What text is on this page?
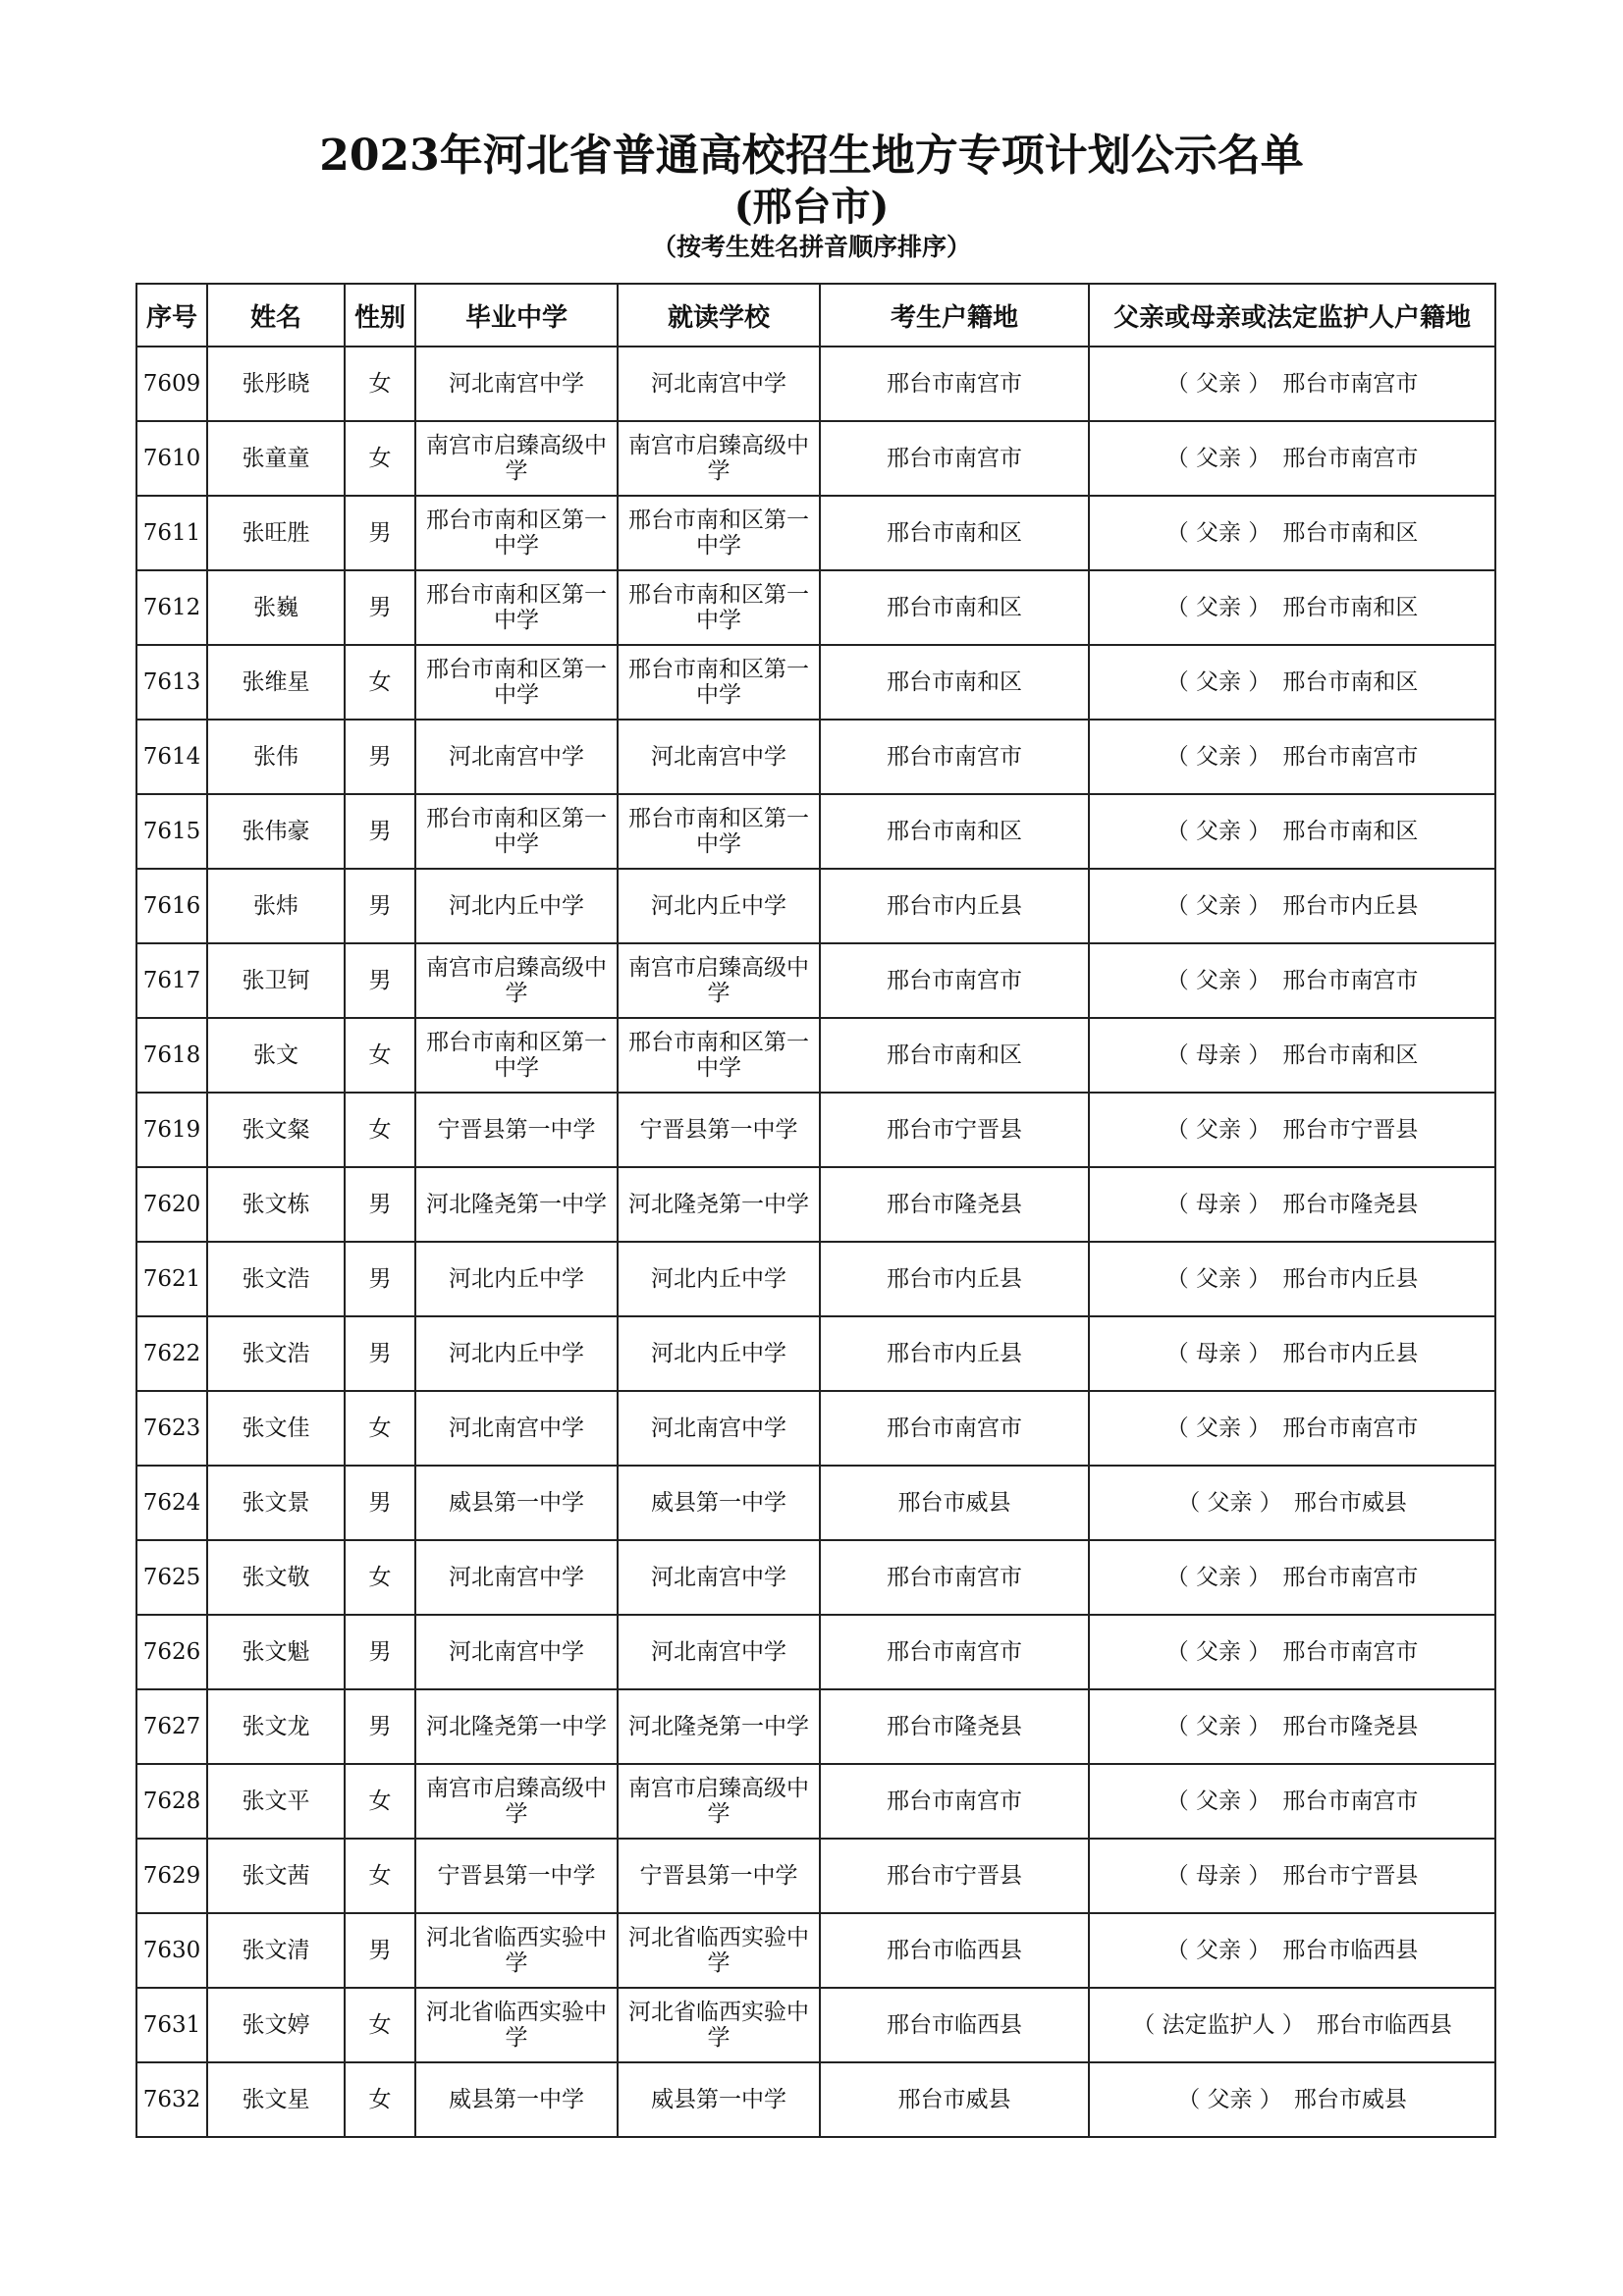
2023年河北省普通高校招生地方专项计划公示名单
(邢台市)
（按考生姓名拼音顺序排序）
序号	姓名	性别	毕业中学	就读学校	考生户籍地	父亲或母亲或法定监护人户籍地
7609	张彤晓	女	河北南宫中学	河北南宫中学	邢台市南宫市	（ 父亲 ） 邢台市南宫市
7610	张童童	女	南宫市启臻高级中学	南宫市启臻高级中学	邢台市南宫市	（ 父亲 ） 邢台市南宫市
7611	张旺胜	男	邢台市南和区第一中学	邢台市南和区第一中学	邢台市南和区	（ 父亲 ） 邢台市南和区
7612	张巍	男	邢台市南和区第一中学	邢台市南和区第一中学	邢台市南和区	（ 父亲 ） 邢台市南和区
7613	张维星	女	邢台市南和区第一中学	邢台市南和区第一中学	邢台市南和区	（ 父亲 ） 邢台市南和区
7614	张伟	男	河北南宫中学	河北南宫中学	邢台市南宫市	（ 父亲 ） 邢台市南宫市
7615	张伟豪	男	邢台市南和区第一中学	邢台市南和区第一中学	邢台市南和区	（ 父亲 ） 邢台市南和区
7616	张炜	男	河北内丘中学	河北内丘中学	邢台市内丘县	（ 父亲 ） 邢台市内丘县
7617	张卫钶	男	南宫市启臻高级中学	南宫市启臻高级中学	邢台市南宫市	（ 父亲 ） 邢台市南宫市
7618	张文	女	邢台市南和区第一中学	邢台市南和区第一中学	邢台市南和区	（ 母亲 ） 邢台市南和区
7619	张文粲	女	宁晋县第一中学	宁晋县第一中学	邢台市宁晋县	（ 父亲 ） 邢台市宁晋县
7620	张文栋	男	河北隆尧第一中学	河北隆尧第一中学	邢台市隆尧县	（ 母亲 ） 邢台市隆尧县
7621	张文浩	男	河北内丘中学	河北内丘中学	邢台市内丘县	（ 父亲 ） 邢台市内丘县
7622	张文浩	男	河北内丘中学	河北内丘中学	邢台市内丘县	（ 母亲 ） 邢台市内丘县
7623	张文佳	女	河北南宫中学	河北南宫中学	邢台市南宫市	（ 父亲 ） 邢台市南宫市
7624	张文景	男	威县第一中学	威县第一中学	邢台市威县	（ 父亲 ） 邢台市威县
7625	张文敬	女	河北南宫中学	河北南宫中学	邢台市南宫市	（ 父亲 ） 邢台市南宫市
7626	张文魁	男	河北南宫中学	河北南宫中学	邢台市南宫市	（ 父亲 ） 邢台市南宫市
7627	张文龙	男	河北隆尧第一中学	河北隆尧第一中学	邢台市隆尧县	（ 父亲 ） 邢台市隆尧县
7628	张文平	女	南宫市启臻高级中学	南宫市启臻高级中学	邢台市南宫市	（ 父亲 ） 邢台市南宫市
7629	张文茜	女	宁晋县第一中学	宁晋县第一中学	邢台市宁晋县	（ 母亲 ） 邢台市宁晋县
7630	张文清	男	河北省临西实验中学	河北省临西实验中学	邢台市临西县	（ 父亲 ） 邢台市临西县
7631	张文婷	女	河北省临西实验中学	河北省临西实验中学	邢台市临西县	（ 法定监护人 ） 邢台市临西县
7632	张文星	女	威县第一中学	威县第一中学	邢台市威县	（ 父亲 ） 邢台市威县
